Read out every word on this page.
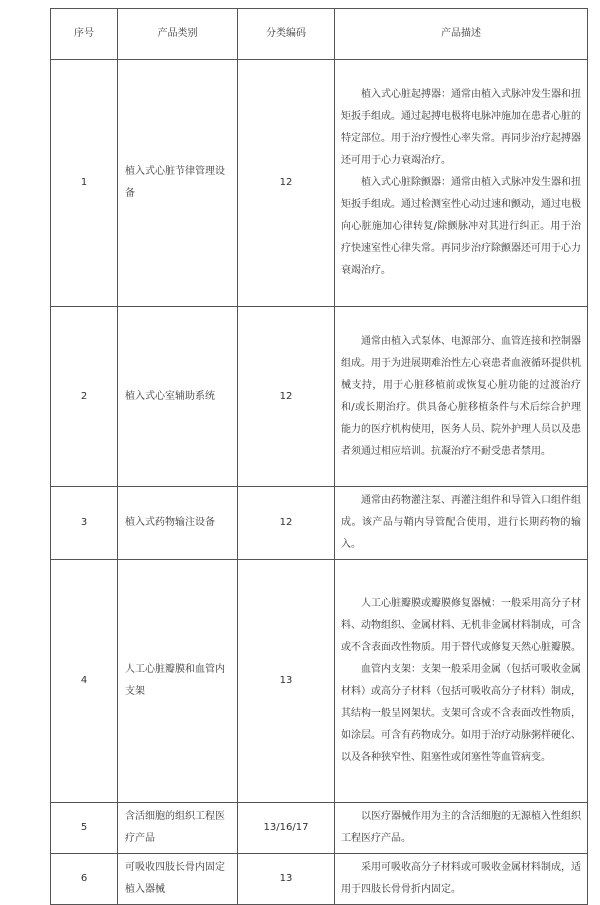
序号	产品类别	分类编码	产品描述
1	植入式心脏节律管理设备	12	植入式心脏起搏器：通常由植入式脉冲发生器和扭矩扳手组成。通过起搏电极将电脉冲施加在患者心脏的特定部位。用于治疗慢性心率失常。再同步治疗起搏器还可用于心力衰竭治疗。
植入式心脏除颤器：通常由植入式脉冲发生器和扭矩扳手组成。通过检测室性心动过速和颤动，通过电极向心脏施加心律转复/除颤脉冲对其进行纠正。用于治疗快速室性心律失常。再同步治疗除颤器还可用于心力衰竭治疗。

2	植入式心室辅助系统	12	通常由植入式泵体、电源部分、血管连接和控制器组成。用于为进展期难治性左心衰患者血液循环提供机械支持，用于心脏移植前或恢复心脏功能的过渡治疗和/或长期治疗。供具备心脏移植条件与术后综合护理能力的医疗机构使用，医务人员、院外护理人员以及患者须通过相应培训。抗凝治疗不耐受患者禁用。

3	植入式药物输注设备	12	通常由药物灌注泵、再灌注组件和导管入口组件组成。该产品与鞘内导管配合使用，进行长期药物的输入。

4	人工心脏瓣膜和血管内支架	13	人工心脏瓣膜或瓣膜修复器械：一般采用高分子材料、动物组织、金属材料、无机非金属材料制成，可含或不含表面改性物质。用于替代或修复天然心脏瓣膜。
血管内支架：支架一般采用金属（包括可吸收金属材料）或高分子材料（包括可吸收高分子材料）制成，其结构一般呈网架状。支架可含或不含表面改性物质，如涂层。可含有药物成分。如用于治疗动脉粥样硬化、以及各种狭窄性、阻塞性或闭塞性等血管病变。

5	含活细胞的组织工程医疗产品	13/16/17	以医疗器械作用为主的含活细胞的无源植入性组织工程医疗产品。

6	可吸收四肢长骨内固定植入器械	13	采用可吸收高分子材料或可吸收金属材料制成，适用于四肢长骨骨折内固定。
